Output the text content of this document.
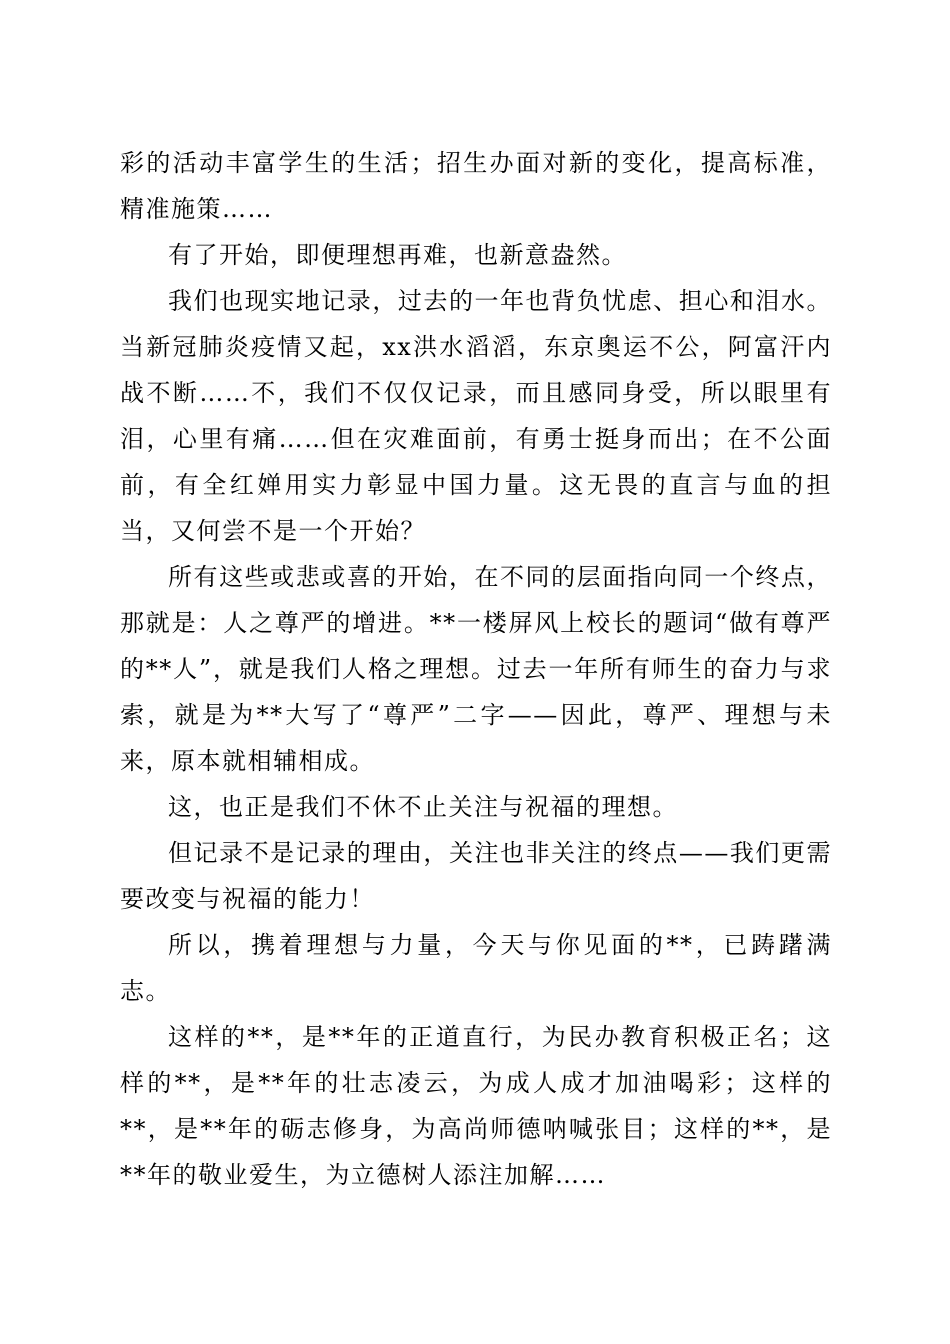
彩的活动丰富学生的生活；招生办面对新的变化，提高标准，精准施策……

有了开始，即便理想再难，也新意盎然。

我们也现实地记录，过去的一年也背负忧虑、担心和泪水。当新冠肺炎疫情又起，xx洪水滔滔，东京奥运不公，阿富汗内战不断……不，我们不仅仅记录，而且感同身受，所以眼里有泪，心里有痛……但在灾难面前，有勇士挺身而出；在不公面前，有全红婵用实力彰显中国力量。这无畏的直言与血的担当，又何尝不是一个开始？

所有这些或悲或喜的开始，在不同的层面指向同一个终点，那就是：人之尊严的增进。**一楼屏风上校长的题词“做有尊严的**人”，就是我们人格之理想。过去一年所有师生的奋力与求索，就是为**大写了“尊严”二字——因此，尊严、理想与未来，原本就相辅相成。

这，也正是我们不休不止关注与祝福的理想。

但记录不是记录的理由，关注也非关注的终点——我们更需要改变与祝福的能力！

所以，携着理想与力量，今天与你见面的**，已踌躇满志。

这样的**，是**年的正道直行，为民办教育积极正名；这样的**，是**年的壮志凌云，为成人成才加油喝彩；这样的**，是**年的砺志修身，为高尚师德呐喊张目；这样的**，是**年的敬业爱生，为立德树人添注加解……
